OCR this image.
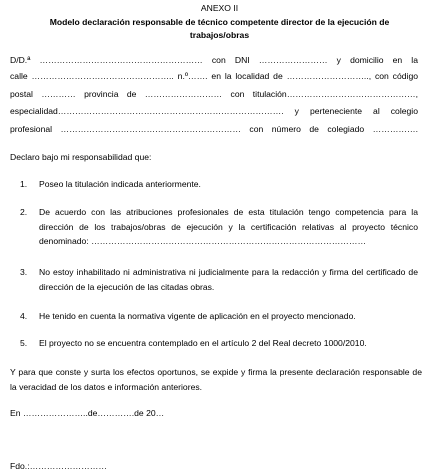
ANEXO II
Modelo declaración responsable de técnico competente director de la ejecución de trabajos/obras
D/D.ª ………………………………………………… con DNI …………………… y domicilio en la
calle ………………………………………….. n.º……. en la localidad de ……………………….., con código
postal ………… provincia de ……………………… con titulación………………………………………,
especialidad……………………………………………………………………. y perteneciente al colegio
profesional ……………………………………………………… con número de colegiado …………….
Declaro bajo mi responsabilidad que:
1.	Poseo la titulación indicada anteriormente.
2.	De acuerdo con las atribuciones profesionales de esta titulación tengo competencia para la dirección de los trabajos/obras de ejecución y la certificación relativas al proyecto técnico denominado: ……………………………………………………………………………………
3.	No estoy inhabilitado ni administrativa ni judicialmente para la redacción y firma del certificado de dirección de la ejecución de las citadas obras.
4.	He tenido en cuenta la normativa vigente de aplicación en el proyecto mencionado.
5.	El proyecto no se encuentra contemplado en el artículo 2 del Real decreto 1000/2010.
Y para que conste y surta los efectos oportunos, se expide y firma la presente declaración responsable de la veracidad de los datos e información anteriores.
En …………………..de………….de 20…
Fdo.:………………………
